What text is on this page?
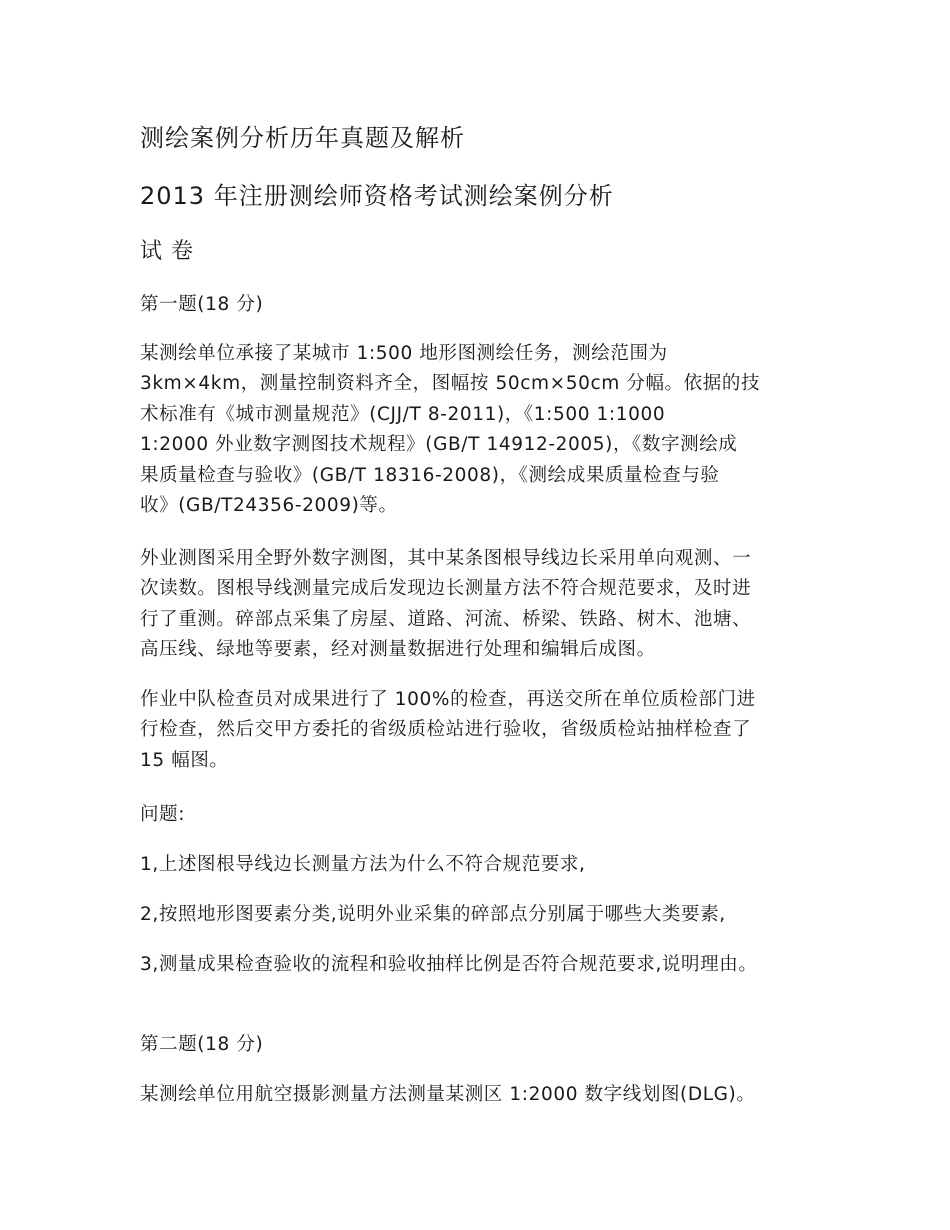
测绘案例分析历年真题及解析
2013 年注册测绘师资格考试测绘案例分析
试 卷
第一题(18 分)
某测绘单位承接了某城市 1:500 地形图测绘任务，测绘范围为
3km×4km，测量控制资料齐全，图幅按 50cm×50cm 分幅。依据的技
术标准有《城市测量规范》(CJJ/T 8-2011)，《1:500 1:1000
1:2000 外业数字测图技术规程》(GB/T 14912-2005)，《数字测绘成
果质量检查与验收》(GB/T 18316-2008)，《测绘成果质量检查与验
收》(GB/T24356-2009)等。
外业测图采用全野外数字测图，其中某条图根导线边长采用单向观测、一
次读数。图根导线测量完成后发现边长测量方法不符合规范要求，及时进
行了重测。碎部点采集了房屋、道路、河流、桥梁、铁路、树木、池塘、
高压线、绿地等要素，经对测量数据进行处理和编辑后成图。
作业中队检查员对成果进行了 100%的检查，再送交所在单位质检部门进
行检查，然后交甲方委托的省级质检站进行验收，省级质检站抽样检查了
15 幅图。
问题:
1,上述图根导线边长测量方法为什么不符合规范要求,
2,按照地形图要素分类,说明外业采集的碎部点分别属于哪些大类要素,
3,测量成果检查验收的流程和验收抽样比例是否符合规范要求,说明理由。
第二题(18 分)
某测绘单位用航空摄影测量方法测量某测区 1:2000 数字线划图(DLG)。
